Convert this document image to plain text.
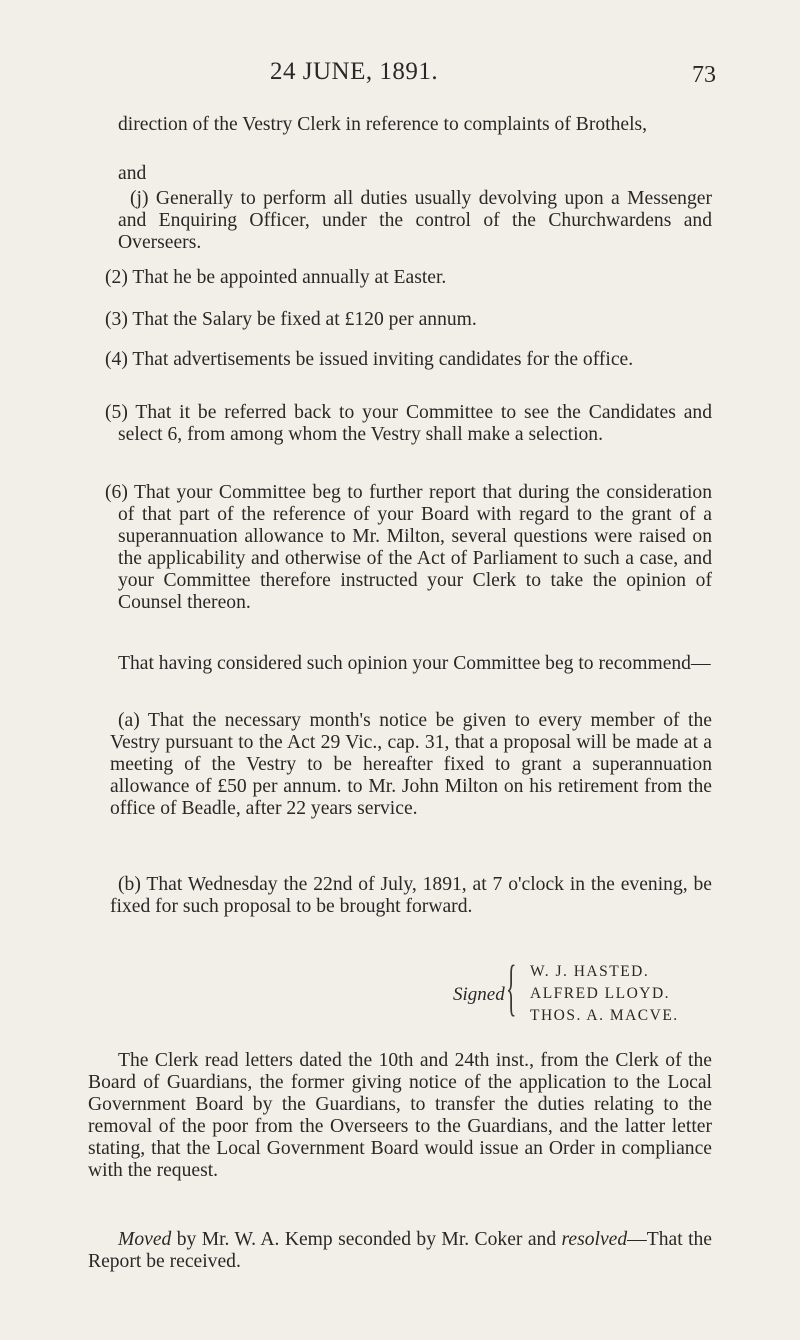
24 JUNE, 1891.	73

direction of the Vestry Clerk in reference to complaints of Brothels,

and

(j) Generally to perform all duties usually devolving upon a Messenger and Enquiring Officer, under the control of the Churchwardens and Overseers.

(2) That he be appointed annually at Easter.

(3) That the Salary be fixed at £120 per annum.

(4) That advertisements be issued inviting candidates for the office.

(5) That it be referred back to your Committee to see the Candidates and select 6, from among whom the Vestry shall make a selection.

(6) That your Committee beg to further report that during the consideration of that part of the reference of your Board with regard to the grant of a superannuation allowance to Mr. Milton, several questions were raised on the applicability and otherwise of the Act of Parliament to such a case, and your Committee therefore instructed your Clerk to take the opinion of Counsel thereon.

That having considered such opinion your Committee beg to recommend—

(a) That the necessary month's notice be given to every member of the Vestry pursuant to the Act 29 Vic., cap. 31, that a proposal will be made at a meeting of the Vestry to be hereafter fixed to grant a superannuation allowance of £50 per annum. to Mr. John Milton on his retirement from the office of Beadle, after 22 years service.

(b) That Wednesday the 22nd of July, 1891, at 7 o'clock in the evening, be fixed for such proposal to be brought forward.

Signed { W. J. HASTED.
ALFRED LLOYD.
THOS. A. MACVE.

The Clerk read letters dated the 10th and 24th inst., from the Clerk of the Board of Guardians, the former giving notice of the application to the Local Government Board by the Guardians, to transfer the duties relating to the removal of the poor from the Overseers to the Guardians, and the latter letter stating, that the Local Government Board would issue an Order in compliance with the request.

Moved by Mr. W. A. Kemp seconded by Mr. Coker and resolved—That the Report be received.
